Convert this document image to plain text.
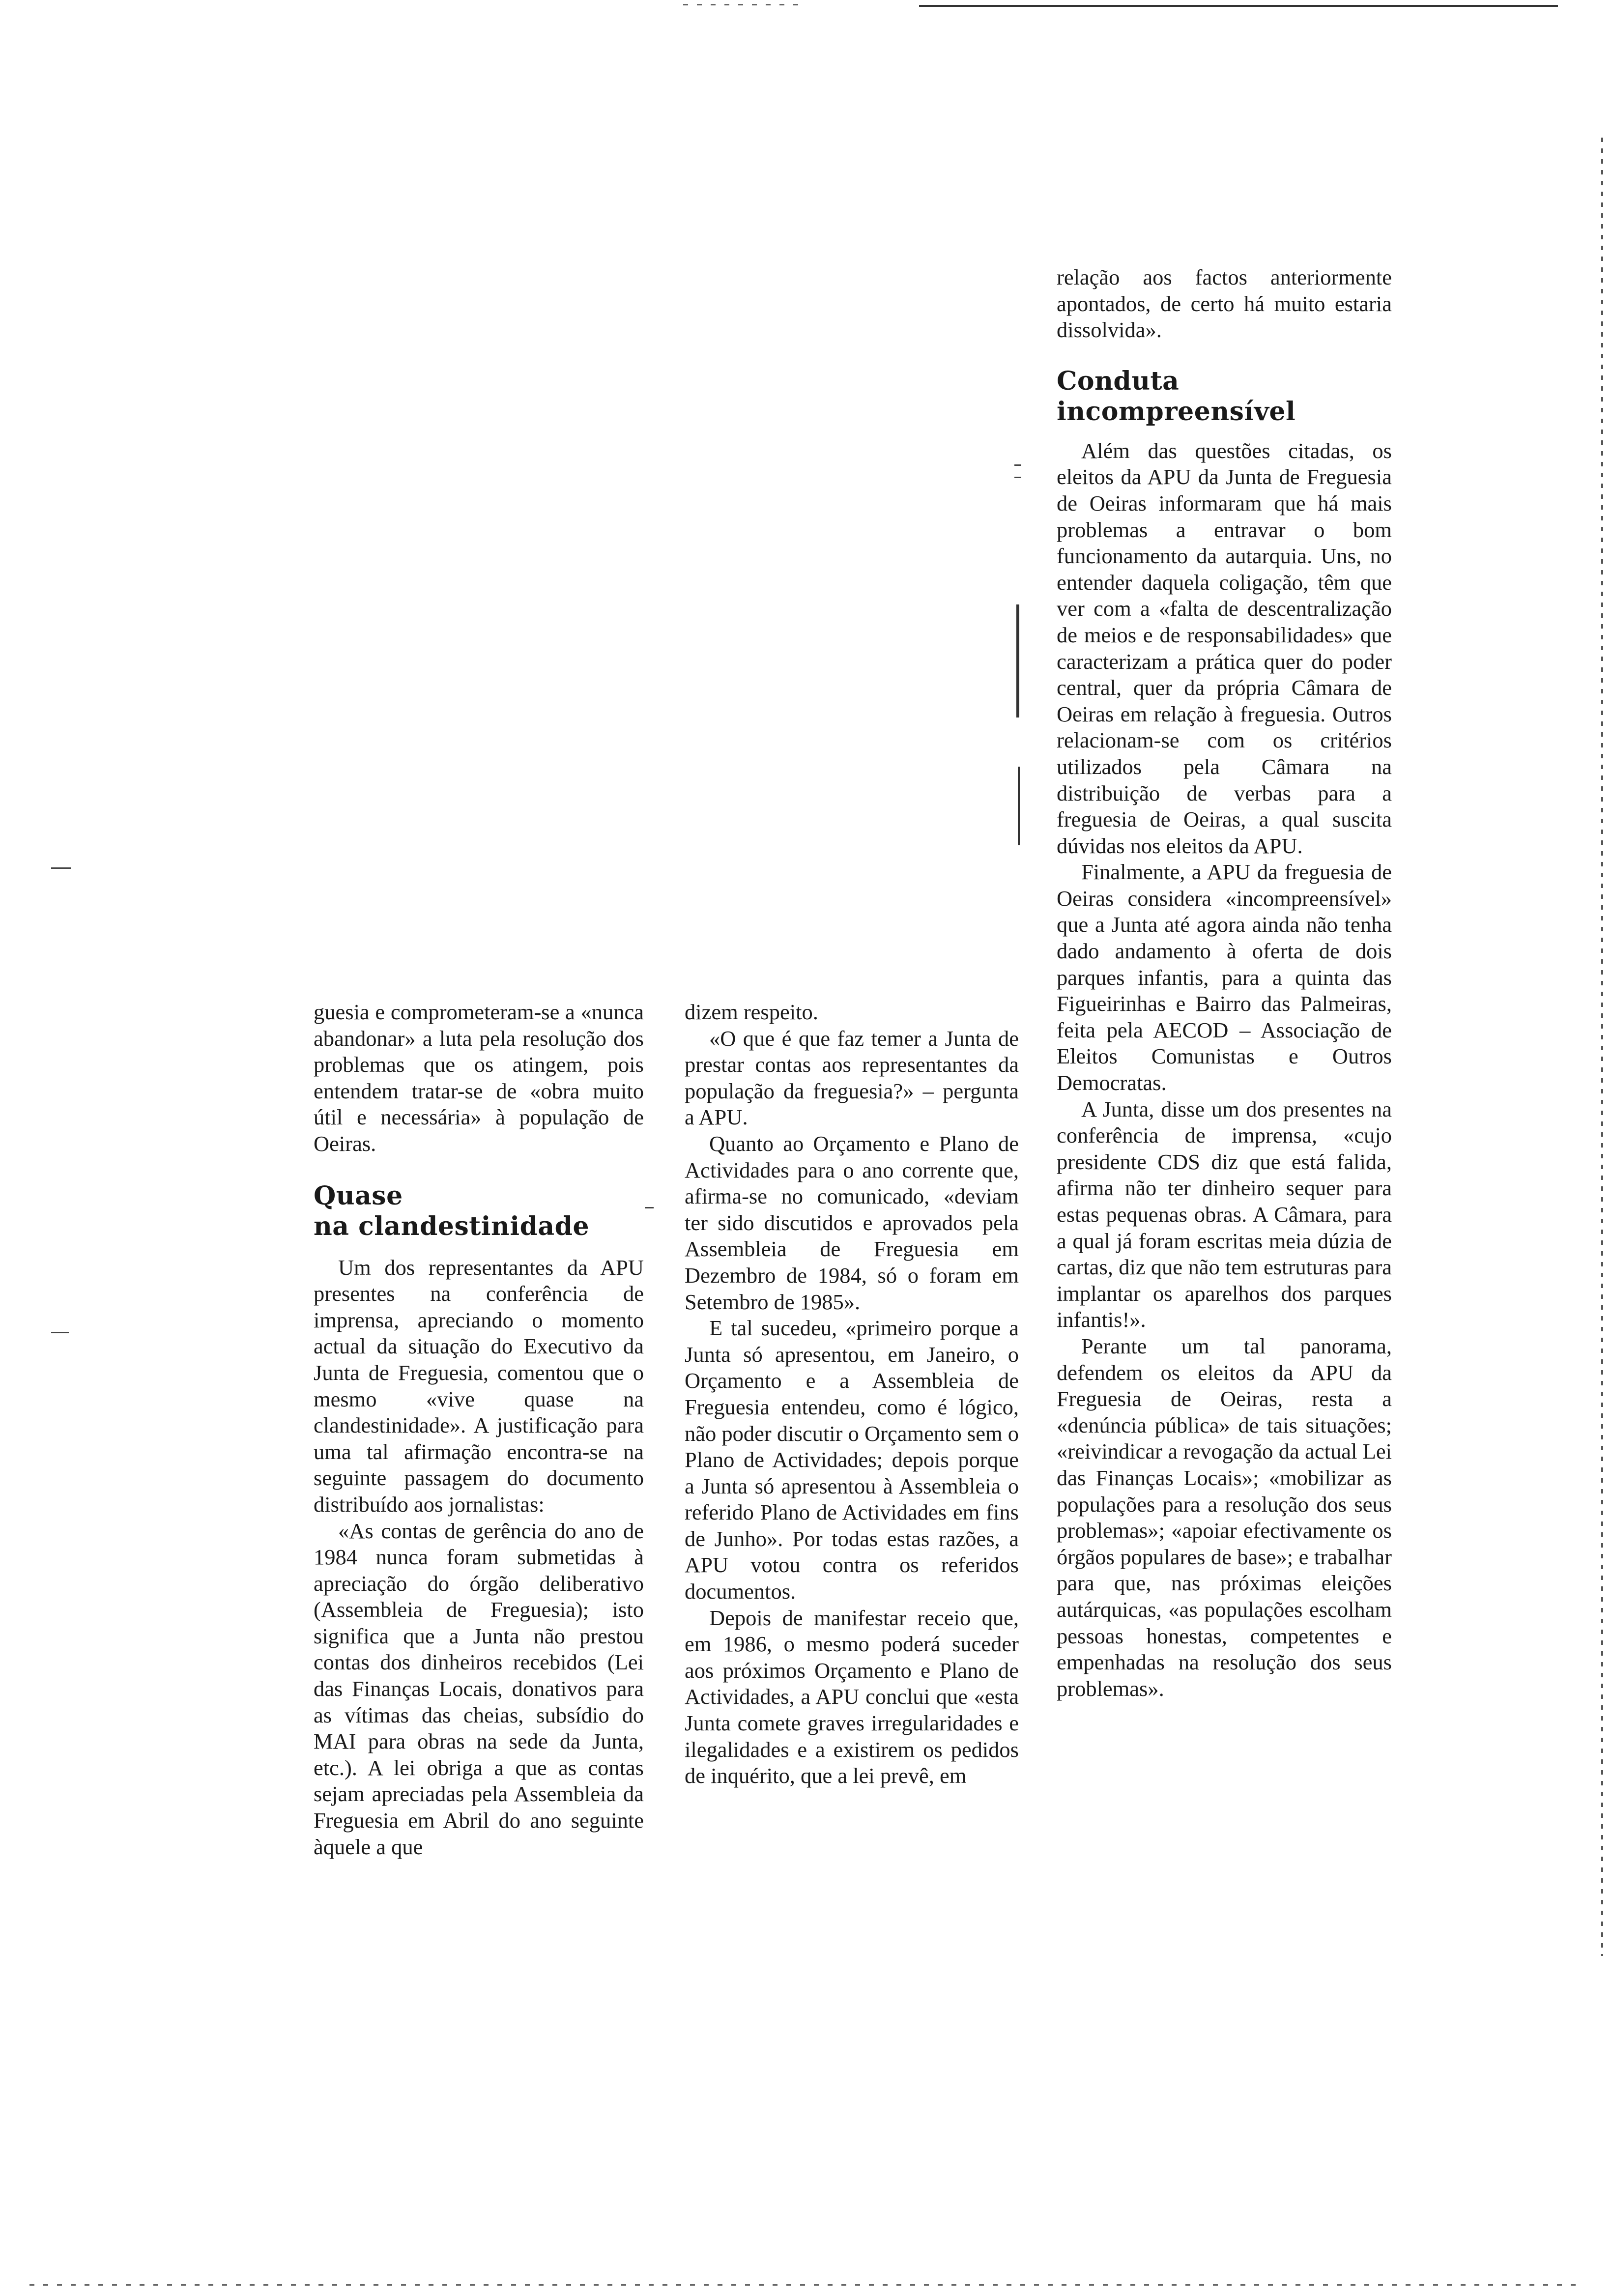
guesia e comprometeram-se a «nunca abandonar» a luta pela resolução dos problemas que os atingem, pois entendem tratar-se de «obra muito útil e necessária» à população de Oeiras.

Quase
na clandestinidade

Um dos representantes da APU presentes na conferência de imprensa, apreciando o momento actual da situação do Executivo da Junta de Freguesia, comentou que o mesmo «vive quase na clandestinidade». A justificação para uma tal afirmação encontra-se na seguinte passagem do documento distribuído aos jornalistas:

«As contas de gerência do ano de 1984 nunca foram submetidas à apreciação do órgão deliberativo (Assembleia de Freguesia); isto significa que a Junta não prestou contas dos dinheiros recebidos (Lei das Finanças Locais, donativos para as vítimas das cheias, subsídio do MAI para obras na sede da Junta, etc.). A lei obriga a que as contas sejam apreciadas pela Assembleia da Freguesia em Abril do ano seguinte àquele a que

dizem respeito.

«O que é que faz temer a Junta de prestar contas aos representantes da população da freguesia?» – pergunta a APU.

Quanto ao Orçamento e Plano de Actividades para o ano corrente que, afirma-se no comunicado, «deviam ter sido discutidos e aprovados pela Assembleia de Freguesia em Dezembro de 1984, só o foram em Setembro de 1985».

E tal sucedeu, «primeiro porque a Junta só apresentou, em Janeiro, o Orçamento e a Assembleia de Freguesia entendeu, como é lógico, não poder discutir o Orçamento sem o Plano de Actividades; depois porque a Junta só apresentou à Assembleia o referido Plano de Actividades em fins de Junho». Por todas estas razões, a APU votou contra os referidos documentos.

Depois de manifestar receio que, em 1986, o mesmo poderá suceder aos próximos Orçamento e Plano de Actividades, a APU conclui que «esta Junta comete graves irregularidades e ilegalidades e a existirem os pedidos de inquérito, que a lei prevê, em

relação aos factos anteriormente apontados, de certo há muito estaria dissolvida».

Conduta
incompreensível

Além das questões citadas, os eleitos da APU da Junta de Freguesia de Oeiras informaram que há mais problemas a entravar o bom funcionamento da autarquia. Uns, no entender daquela coligação, têm que ver com a «falta de descentralização de meios e de responsabilidades» que caracterizam a prática quer do poder central, quer da própria Câmara de Oeiras em relação à freguesia. Outros relacionam-se com os critérios utilizados pela Câmara na distribuição de verbas para a freguesia de Oeiras, a qual suscita dúvidas nos eleitos da APU.

Finalmente, a APU da freguesia de Oeiras considera «incompreensível» que a Junta até agora ainda não tenha dado andamento à oferta de dois parques infantis, para a quinta das Figueirinhas e Bairro das Palmeiras, feita pela AECOD – Associação de Eleitos Comunistas e Outros Democratas.

A Junta, disse um dos presentes na conferência de imprensa, «cujo presidente CDS diz que está falida, afirma não ter dinheiro sequer para estas pequenas obras. A Câmara, para a qual já foram escritas meia dúzia de cartas, diz que não tem estruturas para implantar os aparelhos dos parques infantis!».

Perante um tal panorama, defendem os eleitos da APU da Freguesia de Oeiras, resta a «denúncia pública» de tais situações; «reivindicar a revogação da actual Lei das Finanças Locais»; «mobilizar as populações para a resolução dos seus problemas»; «apoiar efectivamente os órgãos populares de base»; e trabalhar para que, nas próximas eleições autárquicas, «as populações escolham pessoas honestas, competentes e empenhadas na resolução dos seus problemas».
